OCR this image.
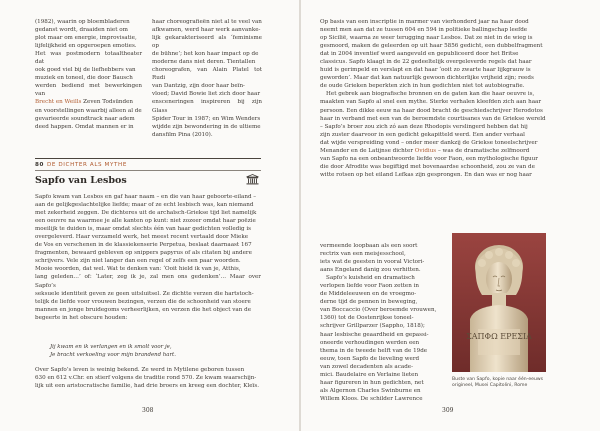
(1982), waarin op bloembladeren

gedanst wordt, draaiden niet om

plot maar om energie, improvisatie,

lijfelijkheid en opgeroepen emoties.

Het was postmodern totaaltheater dat

ook goed viel bij de liefhebbers van

muziek en toneel, die door Bausch

werden bediend met bewerkingen van

Brecht en Weills Zeven Todsünden

en voorstellingen waarbij alleen al de

gevarieerde soundtrack naar adem

deed happen. Omdat mannen er in

haar choreografieën niet al te veel van

afkwamen, werd haar werk aanvanke-

lijk gekarakteriseerd als ‘feminisme op

de bühne’; het kon haar impact op de

moderne dans niet deren. Tientallen

choreografen, van Alain Platel tot Rudi

van Dantzig, zijn door haar beïn-

vloed; David Bowie liet zich door haar

ensceneringen inspireren bij zijn Glass

Spider Tour in 1987; en Wim Wenders

wijdde zijn bewondering in de ultieme

dansfilm Pina (2010).

80 DE DICHTER ALS MYTHE
Sapfo van Lesbos

Sapfo kwam van Lesbos en gaf haar naam – en die van haar geboorte-eiland –

aan de gelijkgeslachtelijke liefde; maar of ze echt lesbisch was, kan niemand

met zekerheid zeggen. De dichteres uit de archaïsch-Griekse tijd liet namelijk

een oeuvre na waarmee je alle kanten op kunt: niet zozeer omdat haar poëzie

moeilijk te duiden is, maar omdat slechts één van haar gedichten volledig is

overgeleverd. Haar verzameld werk, het meest recent vertaald door Mieke

de Vos en verschenen in de klassiekenserie Perpetua, beslaat daarnaast 167

fragmenten, bewaard gebleven op snippers papyrus of als citaten bij andere

schrijvers. Vele zijn niet langer dan een regel of zelfs een paar woorden.

Mooie woorden, dat wel. Wat te denken van: ‘Ooit hield ik van je, Atthis,

lang geleden…’ of: ‘Later, zeg ik je, zal men ons gedenken’… Maar over Sapfo’s

seksuele identiteit geven ze geen uitsluitsel. Ze dichtte verzen die hartstoch-

telijk de liefde voor vrouwen bezingen, verzen die de schoonheid van stoere

mannen en jonge bruidegoms verheerlijken, en verzen die het object van de

begeerte in het obscure houden:

Jij kwam en ik verlangen en ik smolt voor je,

Je bracht verkoeling voor mijn brandend hart.

Over Sapfo’s leven is weinig bekend. Ze werd in Mytilene geboren tussen

630 en 612 v.Chr. en stierf volgens de traditie rond 570. Ze kwam waarschijn-

lijk uit een aristocratische familie, had drie broers en kreeg een dochter, Kleïs.

308

Op basis van een inscriptie in marmer van vierhonderd jaar na haar dood

neemt men aan dat ze tussen 604 en 594 in politieke ballingschap leefde

op Sicilië, waarna ze weer terugging naar Lesbos. Dat ze niet in de wieg is

gesmoord, maken de geleerden op uit haar 5856 gedicht, een dubbelfragment

dat in 2004 inventief werd aangevuld en gepubliceerd door het Britse

classicus. Sapfo klaagt in de 22 gedeeltelijk overgeleverde regels dat haar

huid is gerimpeld en verslapt en dat haar ‘ooit zo zwarte haar lijkgrauw is

geworden’. Maar dat kan natuurlijk gewoon dichterlijke vrijheid zijn; reeds

de oude Grieken beperkten zich in hun gedichten niet tot autobiografie.

Het gebrek aan biografische bronnen en de gaten kan die haar oeuvre is,

maakten van Sapfo al snel een mythe. Sterke verhalen kleefden zich aan haar

persoon. Een dikke eeuw na haar dood bracht de geschiedschrijver Herodotos

haar in verband met een van de beroemdste courtisanes van de Griekse wereld

– Sapfo’s broer zou zich zó aan deze Rhodopis verslingerd hebben dat hij

zijn zuster daarvoor in een gedicht gekapitteld werd. Een ander verhaal

dat wijde verspreiding vond – onder meer dankzij de Griekse toneelschrijver

Menander en de Latijnse dichter Ovidius – was de dramatische zelfmoord

van Sapfo na een onbeantwoorde liefde voor Faon, een mythologische figuur

die door Afrodite was begiftigd met bovenaardse schoonheid, zou ze van de

witte rotsen op het eiland Lefkas zijn gesprongen. En dan was er nog haar

vermeende loopbaan als een soort

rectrix van een meisjesschool,

iets wat de geesten in vooral Victori-

aans Engeland danig zou verhitten.

Sapfo’s kuisheid en dramatisch

verlopen liefde voor Faon zetten in

de Middeleeuwen en de vroegmo-

derne tijd de pennen in beweging,

van Boccaccio (Over beroemde vrouwen,

1360) tot de Oostenrijkse toneel-

schrijver Grillparzer (Sappho, 1818);

haar lesbische geaardheid en gepassi-

oneerde verhoudingen werden een

thema in de tweede helft van de 19de

eeuw, toen Sapfo de lieveling werd

van zowel decadenten als acade-

mici. Baudelaire en Verlaine lieten

haar figureren in hun gedichten, net

als Algernon Charles Swinburne en

Willem Kloos. De schilder Lawrence

309
ΣΑΠΦΩ ΕΡΕΣΙΑ
Buste van Sapfo, kopie naar één-eeuws origineel, Musei Capitolini, Rome
